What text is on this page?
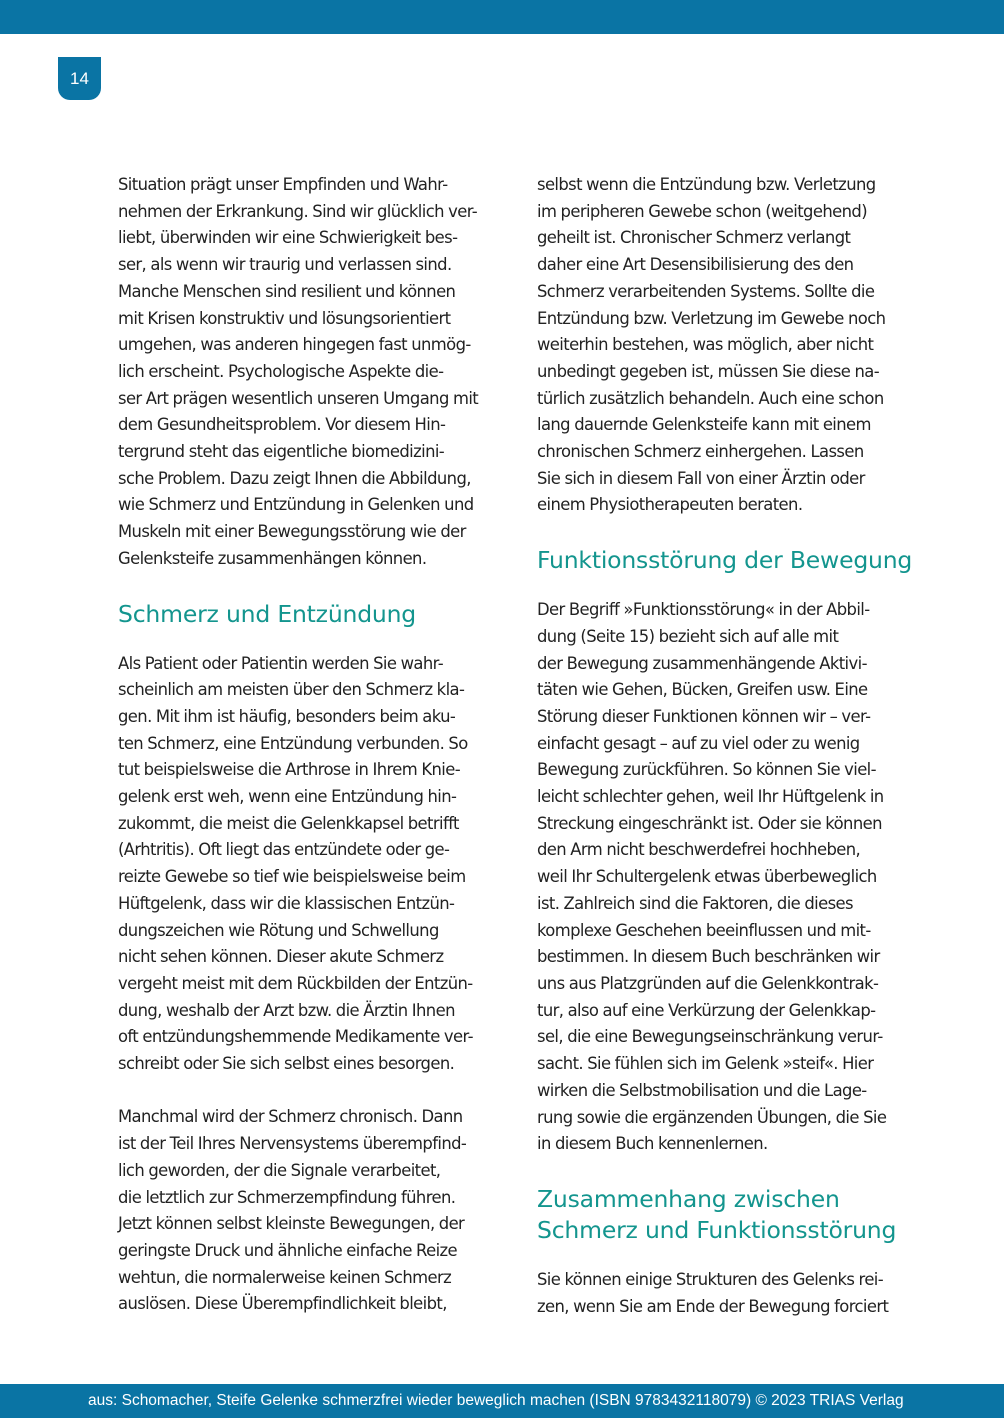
14
Situation prägt unser Empfinden und Wahr-
nehmen der Erkrankung. Sind wir glücklich ver-
liebt, überwinden wir eine Schwierigkeit bes-
ser, als wenn wir traurig und verlassen sind.
Manche Menschen sind resilient und können
mit Krisen konstruktiv und lösungsorientiert
umgehen, was anderen hingegen fast unmög-
lich erscheint. Psychologische Aspekte die-
ser Art prägen wesentlich unseren Umgang mit
dem Gesundheitsproblem. Vor diesem Hin-
tergrund steht das eigentliche biomedizini-
sche Problem. Dazu zeigt Ihnen die Abbildung,
wie Schmerz und Entzündung in Gelenken und
Muskeln mit einer Bewegungsstörung wie der
Gelenksteife zusammenhängen können.
Schmerz und Entzündung
Als Patient oder Patientin werden Sie wahr-
scheinlich am meisten über den Schmerz kla-
gen. Mit ihm ist häufig, besonders beim aku-
ten Schmerz, eine Entzündung verbunden. So
tut beispielsweise die Arthrose in Ihrem Knie-
gelenk erst weh, wenn eine Entzündung hin-
zukommt, die meist die Gelenkkapsel betrifft
(Arhtritis). Oft liegt das entzündete oder ge-
reizte Gewebe so tief wie beispielsweise beim
Hüftgelenk, dass wir die klassischen Entzün-
dungszeichen wie Rötung und Schwellung
nicht sehen können. Dieser akute Schmerz
vergeht meist mit dem Rückbilden der Entzün-
dung, weshalb der Arzt bzw. die Ärztin Ihnen
oft entzündungshemmende Medikamente ver-
schreibt oder Sie sich selbst eines besorgen.
Manchmal wird der Schmerz chronisch. Dann
ist der Teil Ihres Nervensystems überempfind-
lich geworden, der die Signale verarbeitet,
die letztlich zur Schmerzempfindung führen.
Jetzt können selbst kleinste Bewegungen, der
geringste Druck und ähnliche einfache Reize
wehtun, die normalerweise keinen Schmerz
auslösen. Diese Überempfindlichkeit bleibt,
selbst wenn die Entzündung bzw. Verletzung
im peripheren Gewebe schon (weitgehend)
geheilt ist. Chronischer Schmerz verlangt
daher eine Art Desensibilisierung des den
Schmerz verarbeitenden Systems. Sollte die
Entzündung bzw. Verletzung im Gewebe noch
weiterhin bestehen, was möglich, aber nicht
unbedingt gegeben ist, müssen Sie diese na-
türlich zusätzlich behandeln. Auch eine schon
lang dauernde Gelenksteife kann mit einem
chronischen Schmerz einhergehen. Lassen
Sie sich in diesem Fall von einer Ärztin oder
einem Physiotherapeuten beraten.
Funktionsstörung der Bewegung
Der Begriff »Funktionsstörung« in der Abbil-
dung (Seite 15) bezieht sich auf alle mit
der Bewegung zusammenhängende Aktivi-
täten wie Gehen, Bücken, Greifen usw. Eine
Störung dieser Funktionen können wir – ver-
einfacht gesagt – auf zu viel oder zu wenig
Bewegung zurückführen. So können Sie viel-
leicht schlechter gehen, weil Ihr Hüftgelenk in
Streckung eingeschränkt ist. Oder sie können
den Arm nicht beschwerdefrei hochheben,
weil Ihr Schultergelenk etwas überbeweglich
ist. Zahlreich sind die Faktoren, die dieses
komplexe Geschehen beeinflussen und mit-
bestimmen. In diesem Buch beschränken wir
uns aus Platzgründen auf die Gelenkkontrak-
tur, also auf eine Verkürzung der Gelenkkap-
sel, die eine Bewegungseinschränkung verur-
sacht. Sie fühlen sich im Gelenk »steif«. Hier
wirken die Selbstmobilisation und die Lage-
rung sowie die ergänzenden Übungen, die Sie
in diesem Buch kennenlernen.
Zusammenhang zwischen
Schmerz und Funktionsstörung
Sie können einige Strukturen des Gelenks rei-
zen, wenn Sie am Ende der Bewegung forciert
aus: Schomacher, Steife Gelenke schmerzfrei wieder beweglich machen (ISBN 9783432118079) © 2023 TRIAS Verlag
